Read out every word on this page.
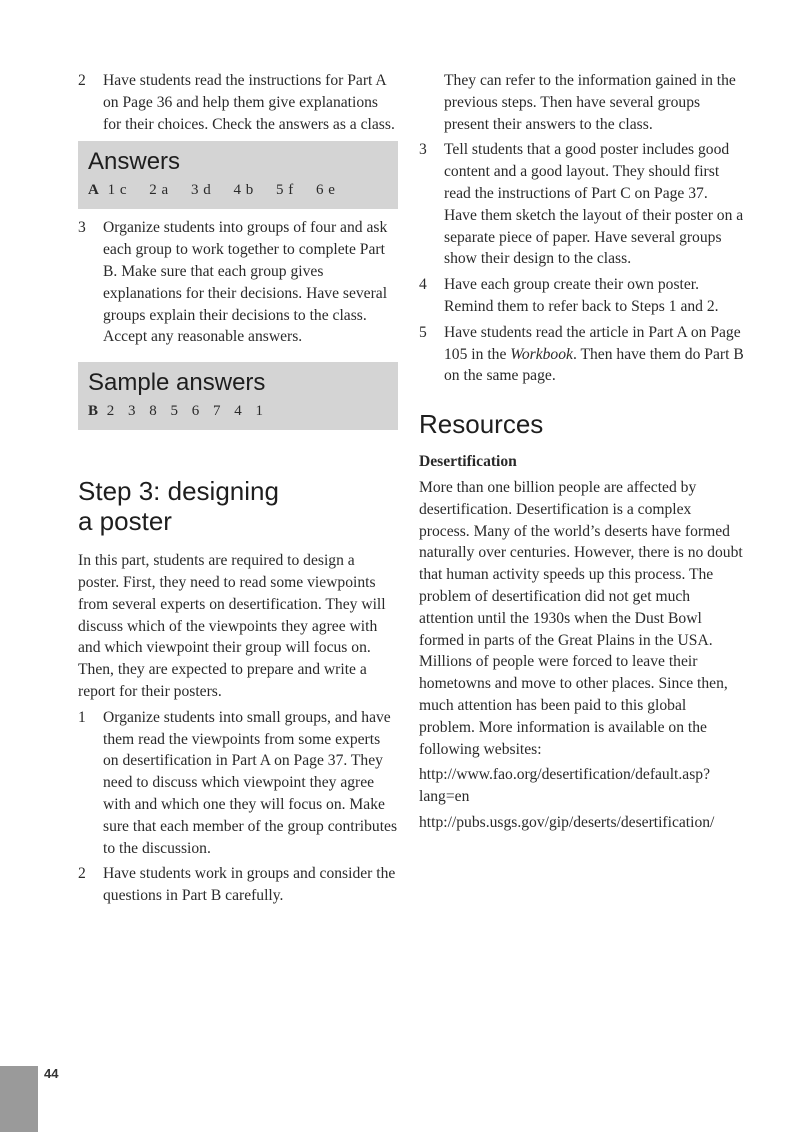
2	Have students read the instructions for Part A on Page 36 and help them give explanations for their choices. Check the answers as a class.
Answers
A 1 c 2 a 3 d 4 b 5 f 6 e
3	Organize students into groups of four and ask each group to work together to complete Part B. Make sure that each group gives explanations for their decisions. Have several groups explain their decisions to the class. Accept any reasonable answers.
Sample answers
B 2 3 8 5 6 7 4 1
Step 3: designing
a poster

In this part, students are required to design a poster. First, they need to read some viewpoints from several experts on desertification. They will discuss which of the viewpoints they agree with and which viewpoint their group will focus on. Then, they are expected to prepare and write a report for their posters.

1	Organize students into small groups, and have them read the viewpoints from some experts on desertification in Part A on Page 37. They need to discuss which viewpoint they agree with and which one they will focus on. Make sure that each member of the group contributes to the discussion.
2	Have students work in groups and consider the questions in Part B carefully.
They can refer to the information gained in the previous steps. Then have several groups present their answers to the class.
3	Tell students that a good poster includes good content and a good layout. They should first read the instructions of Part C on Page 37. Have them sketch the layout of their poster on a separate piece of paper. Have several groups show their design to the class.
4	Have each group create their own poster. Remind them to refer back to Steps 1 and 2.
5	Have students read the article in Part A on Page 105 in the Workbook. Then have them do Part B on the same page.
Resources

Desertification

More than one billion people are affected by desertification. Desertification is a complex process. Many of the world’s deserts have formed naturally over centuries. However, there is no doubt that human activity speeds up this process. The problem of desertification did not get much attention until the 1930s when the Dust Bowl formed in parts of the Great Plains in the USA. Millions of people were forced to leave their hometowns and move to other places. Since then, much attention has been paid to this global problem. More information is available on the following websites:

http://www.fao.org/desertification/default.asp?lang=en

http://pubs.usgs.gov/gip/deserts/desertification/

44
